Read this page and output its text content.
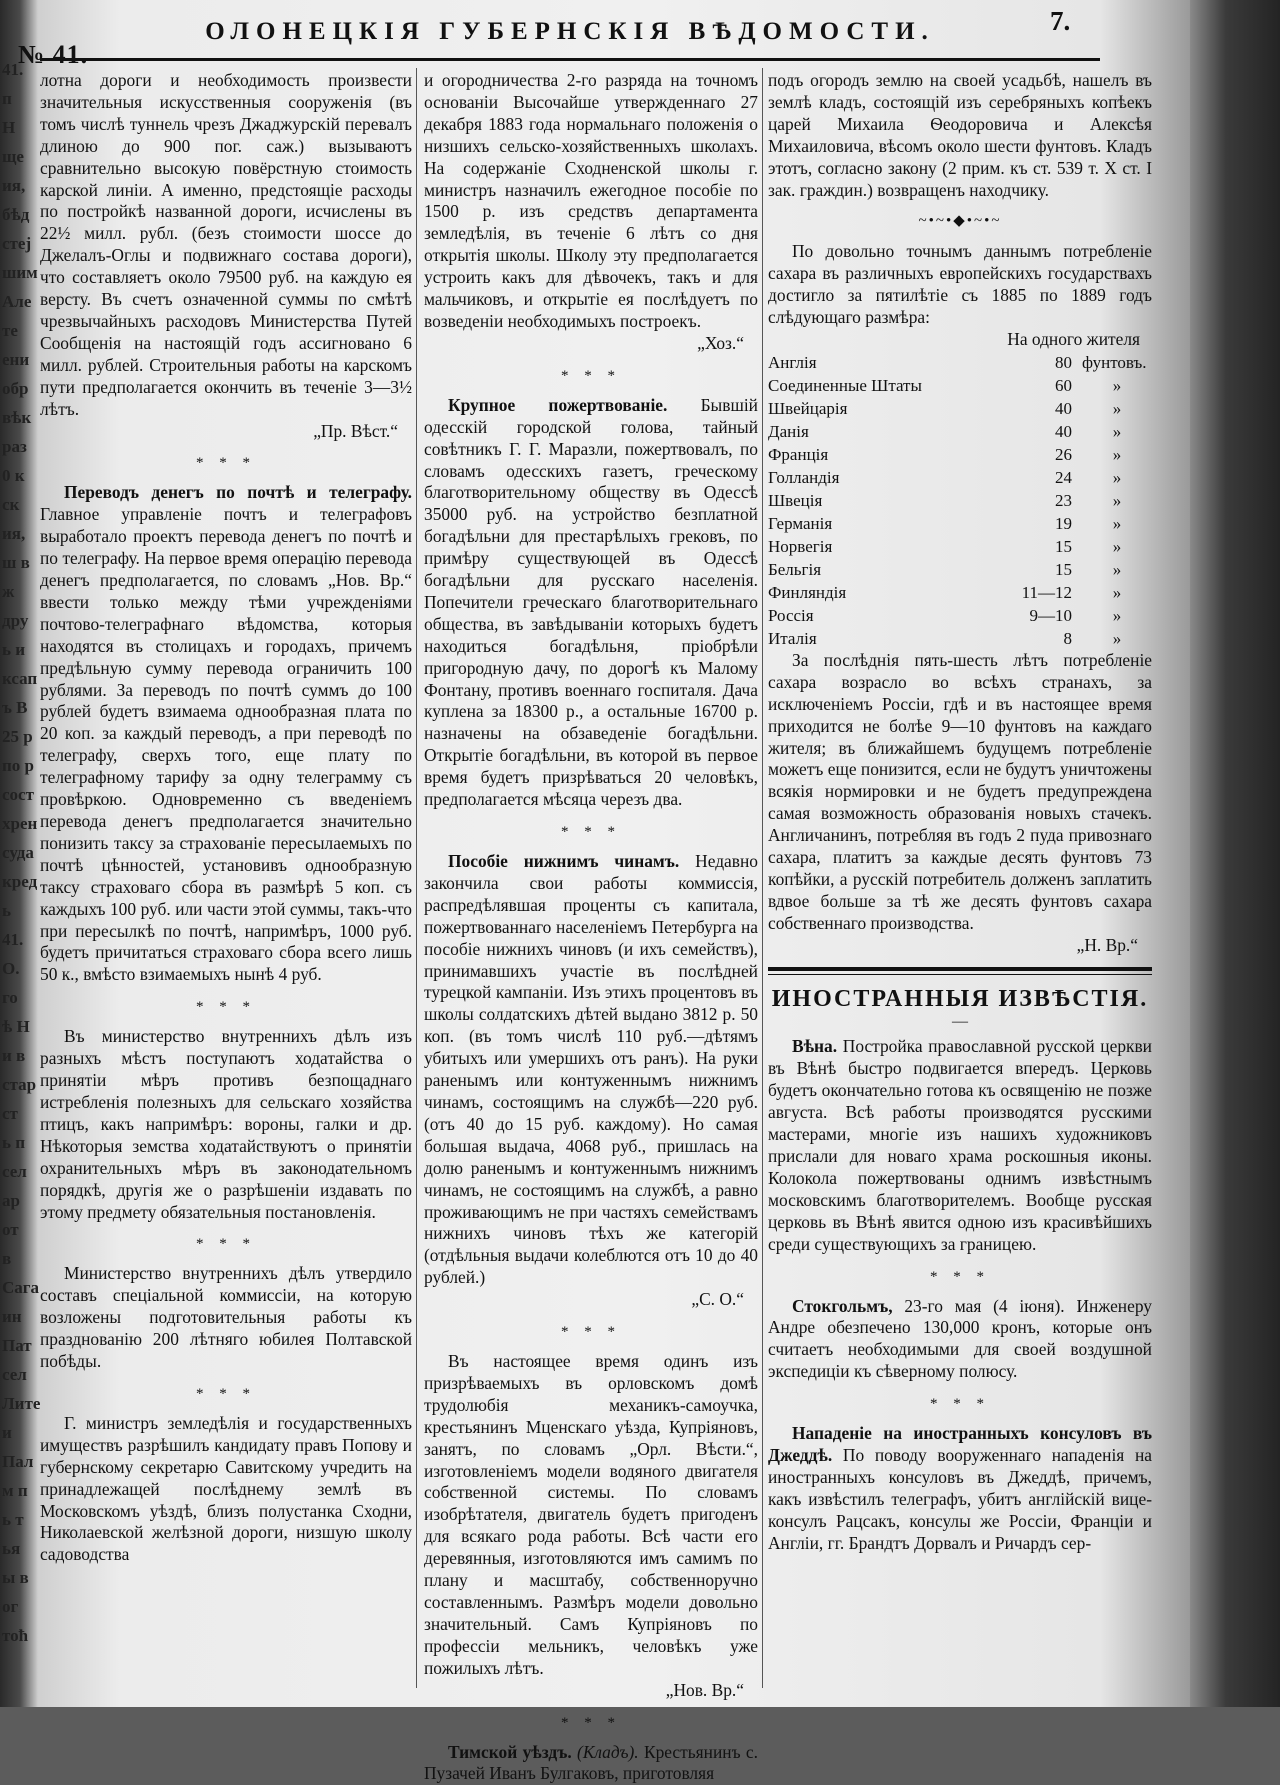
41.
п
Н
ще
ия,
бѣд
стеј
шим
Але
те
ени
обр
вѣк
раз
0 к
ск
ия,
ш в
ж
дру
ь и
ксап
ъ В
25 р
по р
сост
хрен
суда
кред
ь
41.
О.
го
ѣ Н
и в
стар
ст
ь п
сел
ар
от
в
Сага
ин
Пат
сел
Лите
и
Пал
м п
ь т
ья
ы в
ог
тоћ
№ 41.
ОЛОНЕЦКІЯ ГУБЕРНСКІЯ ВѢДОМОСТИ.	7.

лотна дороги и необходимость произвести значительныя искусственныя сооруженія (въ томъ числѣ туннель чрезъ Джаджурскій перевалъ длиною до 900 пог. саж.) вызываютъ сравнительно высокую повёрстную стоимость карской линіи. А именно, предстоящіе расходы по постройкѣ названной дороги, исчислены въ 22½ милл. рубл. (безъ стоимости шоссе до Джелалъ-Оглы и подвижнаго состава дороги), что составляетъ около 79500 руб. на каждую ея версту. Въ счетъ означенной суммы по смѣтѣ чрезвычайныхъ расходовъ Министерства Путей Сообщенія на настоящій годъ ассигновано 6 милл. рублей. Строительныя работы на карскомъ пути предполагается окончить въ теченіе 3—3½ лѣтъ.

„Пр. Вѣст.“
* * *

Переводъ денегъ по почтѣ и телеграфу. Главное управленіе почтъ и телеграфовъ выработало проектъ перевода денегъ по почтѣ и по телеграфу. На первое время операцію перевода денегъ предполагается, по словамъ „Нов. Вр.“ ввести только между тѣми учрежденіями почтово-телеграфнаго вѣдомства, которыя находятся въ столицахъ и городахъ, причемъ предѣльную сумму перевода ограничить 100 рублями. За переводъ по почтѣ суммъ до 100 рублей будетъ взимаема однообразная плата по 20 коп. за каждый переводъ, а при переводѣ по телеграфу, сверхъ того, еще плату по телеграфному тарифу за одну телеграмму съ провѣркою. Одновременно съ введеніемъ перевода денегъ предполагается значительно понизить таксу за страхованіе пересылаемыхъ по почтѣ цѣнностей, установивъ однообразную таксу страховаго сбора въ размѣрѣ 5 коп. съ каждыхъ 100 руб. или части этой суммы, такъ-что при пересылкѣ по почтѣ, напримѣръ, 1000 руб. будетъ причитаться страховаго сбора всего лишь 50 к., вмѣсто взимаемыхъ нынѣ 4 руб.

* * *

Въ министерство внутреннихъ дѣлъ изъ разныхъ мѣстъ поступаютъ ходатайства о принятіи мѣръ противъ безпощаднаго истребленія полезныхъ для сельскаго хозяйства птицъ, какъ напримѣръ: вороны, галки и др. Нѣкоторыя земства ходатайствуютъ о принятіи охранительныхъ мѣръ въ законодательномъ порядкѣ, другія же о разрѣшеніи издавать по этому предмету обязательныя постановленія.

* * *

Министерство внутреннихъ дѣлъ утвердило составъ спеціальной коммиссіи, на которую возложены подготовительныя работы къ празднованію 200 лѣтняго юбилея Полтавской побѣды.

* * *

Г. министръ земледѣлія и государственныхъ имуществъ разрѣшилъ кандидату правъ Попову и губернскому секретарю Савитскому учредить на принадлежащей послѣднему землѣ въ Московскомъ уѣздѣ, близъ полустанка Сходни, Николаевской желѣзной дороги, низшую школу садоводства

и огородничества 2-го разряда на точномъ основаніи Высочайше утвержденнаго 27 декабря 1883 года нормальнаго положенія о низшихъ сельско-хозяйственныхъ школахъ. На содержаніе Сходненской школы г. министръ назначилъ ежегодное пособіе по 1500 р. изъ средствъ департамента земледѣлія, въ теченіе 6 лѣтъ со дня открытія школы. Школу эту предполагается устроить какъ для дѣвочекъ, такъ и для мальчиковъ, и открытіе ея послѣдуетъ по возведеніи необходимыхъ построекъ.

„Хоз.“
* * *

Крупное пожертвованіе. Бывшій одесскій городской голова, тайный совѣтникъ Г. Г. Маразли, пожертвовалъ, по словамъ одесскихъ газетъ, греческому благотворительному обществу въ Одессѣ 35000 руб. на устройство безплатной богадѣльни для престарѣлыхъ грековъ, по примѣру существующей въ Одессѣ богадѣльни для русскаго населенія. Попечители греческаго благотворительнаго общества, въ завѣдываніи которыхъ будетъ находиться богадѣльня, пріобрѣли пригородную дачу, по дорогѣ къ Малому Фонтану, противъ военнаго госпиталя. Дача куплена за 18300 р., а остальные 16700 р. назначены на обзаведеніе богадѣльни. Открытіе богадѣльни, въ которой въ первое время будетъ призрѣваться 20 человѣкъ, предполагается мѣсяца черезъ два.

* * *

Пособіе нижнимъ чинамъ. Недавно закончила свои работы коммиссія, распредѣлявшая проценты съ капитала, пожертвованнаго населеніемъ Петербурга на пособіе нижнихъ чиновъ (и ихъ семействъ), принимавшихъ участіе въ послѣдней турецкой кампаніи. Изъ этихъ процентовъ въ школы солдатскихъ дѣтей выдано 3812 р. 50 коп. (въ томъ числѣ 110 руб.—дѣтямъ убитыхъ или умершихъ отъ ранъ). На руки раненымъ или контуженнымъ нижнимъ чинамъ, состоящимъ на службѣ—220 руб. (отъ 40 до 15 руб. каждому). Но самая большая выдача, 4068 руб., пришлась на долю раненымъ и контуженнымъ нижнимъ чинамъ, не состоящимъ на службѣ, а равно проживающимъ не при частяхъ семействамъ нижнихъ чиновъ тѣхъ же категорій (отдѣльныя выдачи колеблются отъ 10 до 40 рублей.)

„С. О.“
* * *

Въ настоящее время одинъ изъ призрѣваемыхъ въ орловскомъ домѣ трудолюбія механикъ-самоучка, крестьянинъ Мценскаго уѣзда, Купріяновъ, занятъ, по словамъ „Орл. Вѣсти.“, изготовленіемъ модели водяного двигателя собственной системы. По словамъ изобрѣтателя, двигатель будетъ пригоденъ для всякаго рода работы. Всѣ части его деревянныя, изготовляются имъ самимъ по плану и масштабу, собственноручно составленнымъ. Размѣръ модели довольно значительный. Самъ Купріяновъ по профессіи мельникъ, человѣкъ уже пожилыхъ лѣтъ.

„Нов. Вр.“
* * *

Тимской уѣздъ. (Кладъ). Крестьянинъ с. Пузачей Иванъ Булгаковъ, приготовляя

подъ огородъ землю на своей усадьбѣ, нашелъ въ землѣ кладъ, состоящій изъ серебряныхъ копѣекъ царей Михаила Ѳеодоровича и Алексѣя Михаиловича, вѣсомъ около шести фунтовъ. Кладъ этотъ, согласно закону (2 прим. къ ст. 539 т. X ст. I зак. граждин.) возвращенъ находчику.

~•~•◆•~•~

По довольно точнымъ даннымъ потребленіе сахара въ различныхъ европейскихъ государствахъ достигло за пятилѣтіе съ 1885 по 1889 годъ слѣдующаго размѣра:

На одного жителя
Англія	80	фунтовъ.
Соединенные Штаты	60	»
Швейцарія	40	»
Данія	40	»
Франція	26	»
Голландія	24	»
Швеція	23	»
Германія	19	»
Норвегія	15	»
Бельгія	15	»
Финляндія	11—12	»
Россія	9—10	»
Италія	8	»

За послѣднія пять-шесть лѣтъ потребленіе сахара возрасло во всѣхъ странахъ, за исключеніемъ Россіи, гдѣ и въ настоящее время приходится не болѣе 9—10 фунтовъ на каждаго жителя; въ ближайшемъ будущемъ потребленіе можетъ еще понизится, если не будутъ уничтожены всякія нормировки и не будетъ предупреждена самая возможность образованія новыхъ стачекъ. Англичанинъ, потребляя въ годъ 2 пуда привознаго сахара, платитъ за каждые десять фунтовъ 73 копѣйки, а русскій потребитель долженъ заплатить вдвое больше за тѣ же десять фунтовъ сахара собственнаго производства.

„Н. Вр.“
ИНОСТРАННЫЯ ИЗВѢСТІЯ.
—

Вѣна. Постройка православной русской церкви въ Вѣнѣ быстро подвигается впередъ. Церковь будетъ окончательно готова къ освященію не позже августа. Всѣ работы производятся русскими мастерами, многіе изъ нашихъ художниковъ прислали для новаго храма роскошныя иконы. Колокола пожертвованы однимъ извѣстнымъ московскимъ благотворителемъ. Вообще русская церковь въ Вѣнѣ явится одною изъ красивѣйшихъ среди существующихъ за границею.

* * *

Стокгольмъ, 23-го мая (4 іюня). Инженеру Андре обезпечено 130,000 кронъ, которые онъ считаетъ необходимыми для своей воздушной экспедиціи къ сѣверному полюсу.

* * *

Нападеніе на иностранныхъ консуловъ въ Джеддѣ. По поводу вооруженнаго нападенія на иностранныхъ консуловъ въ Джеддѣ, причемъ, какъ извѣстилъ телеграфъ, убитъ англійскій вице-консулъ Рацсакъ, консулы же Россіи, Франціи и Англіи, гг. Брандтъ Дорвалъ и Ричардъ сер-
